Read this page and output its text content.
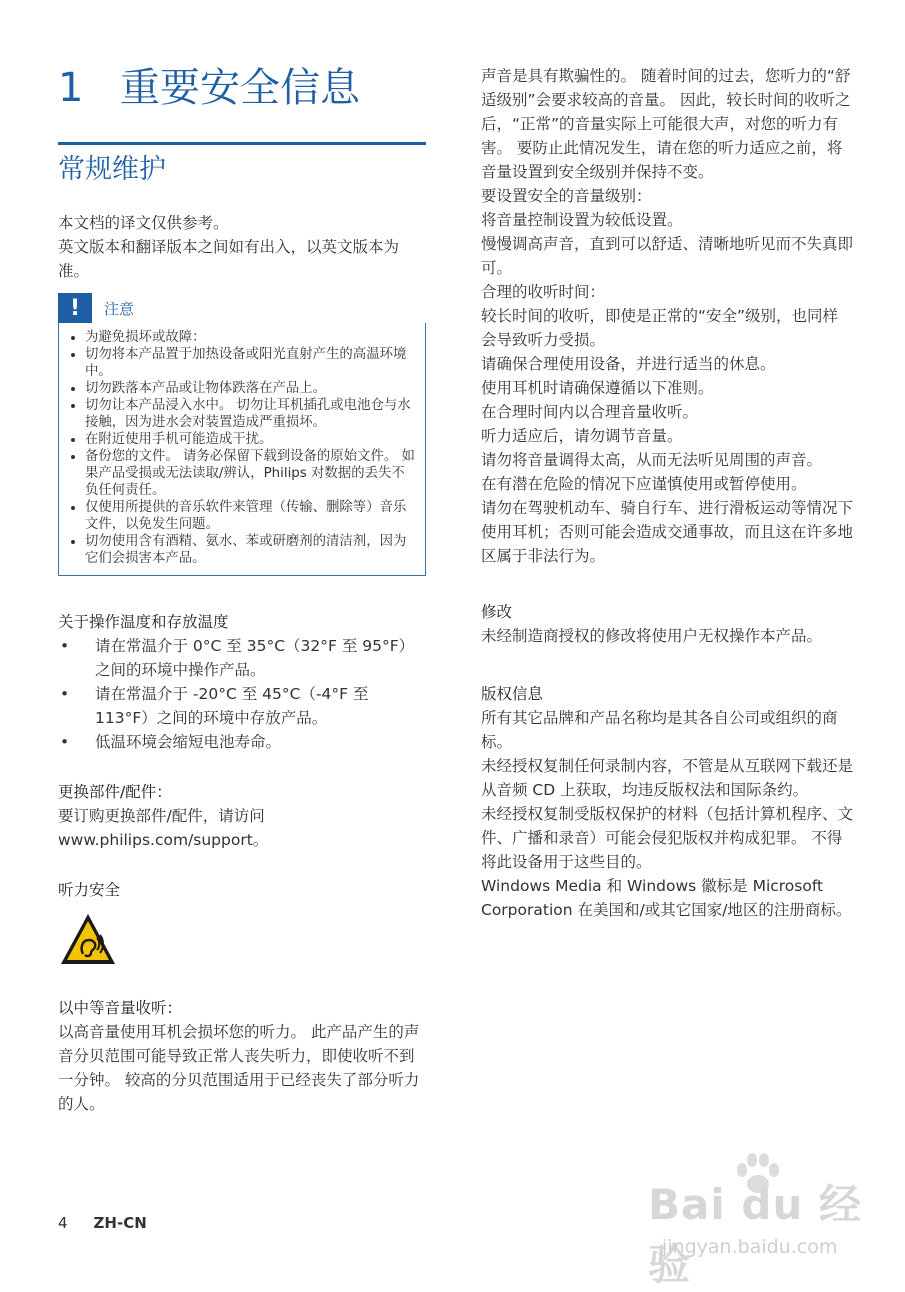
1 重要安全信息
常规维护

本文档的译文仅供参考。

英文版本和翻译版本之间如有出入，以英文版本为准。

!	注意
• 为避免损坏或故障：
• 切勿将本产品置于加热设备或阳光直射产生的高温环境中。
• 切勿跌落本产品或让物体跌落在产品上。
• 切勿让本产品浸入水中。 切勿让耳机插孔或电池仓与水接触，因为进水会对装置造成严重损坏。
• 在附近使用手机可能造成干扰。
• 备份您的文件。 请务必保留下载到设备的原始文件。 如果产品受损或无法读取/辨认，Philips 对数据的丢失不负任何责任。
• 仅使用所提供的音乐软件来管理（传输、删除等）音乐文件，以免发生问题。
• 切勿使用含有酒精、氨水、苯或研磨剂的清洁剂，因为它们会损害本产品。
关于操作温度和存放温度
• 请在常温介于 0°C 至 35°C（32°F 至 95°F）之间的环境中操作产品。
• 请在常温介于 -20°C 至 45°C（-4°F 至 113°F）之间的环境中存放产品。
• 低温环境会缩短电池寿命。
更换部件/配件：

要订购更换部件/配件，请访问

www.philips.com/support。

听力安全
以中等音量收听：

以高音量使用耳机会损坏您的听力。 此产品产生的声音分贝范围可能导致正常人丧失听力，即使收听不到一分钟。 较高的分贝范围适用于已经丧失了部分听力的人。

声音是具有欺骗性的。 随着时间的过去，您听力的“舒适级别”会要求较高的音量。 因此，较长时间的收听之后，“正常”的音量实际上可能很大声，对您的听力有害。 要防止此情况发生，请在您的听力适应之前，将音量设置到安全级别并保持不变。

要设置安全的音量级别：

将音量控制设置为较低设置。

慢慢调高声音，直到可以舒适、清晰地听见而不失真即可。

合理的收听时间：

较长时间的收听，即使是正常的“安全”级别，也同样会导致听力受损。

请确保合理使用设备，并进行适当的休息。

使用耳机时请确保遵循以下准则。

在合理时间内以合理音量收听。

听力适应后，请勿调节音量。

请勿将音量调得太高，从而无法听见周围的声音。

在有潜在危险的情况下应谨慎使用或暂停使用。

请勿在驾驶机动车、骑自行车、进行滑板运动等情况下使用耳机；否则可能会造成交通事故，而且这在许多地区属于非法行为。

修改

未经制造商授权的修改将使用户无权操作本产品。

版权信息

所有其它品牌和产品名称均是其各自公司或组织的商标。

未经授权复制任何录制内容，不管是从互联网下载还是从音频 CD 上获取，均违反版权法和国际条约。

未经授权复制受版权保护的材料（包括计算机程序、文件、广播和录音）可能会侵犯版权并构成犯罪。 不得将此设备用于这些目的。

Windows Media 和 Windows 徽标是 Microsoft Corporation 在美国和/或其它国家/地区的注册商标。

4 ZH-CN	Bai du 经验
jingyan.baidu.com
